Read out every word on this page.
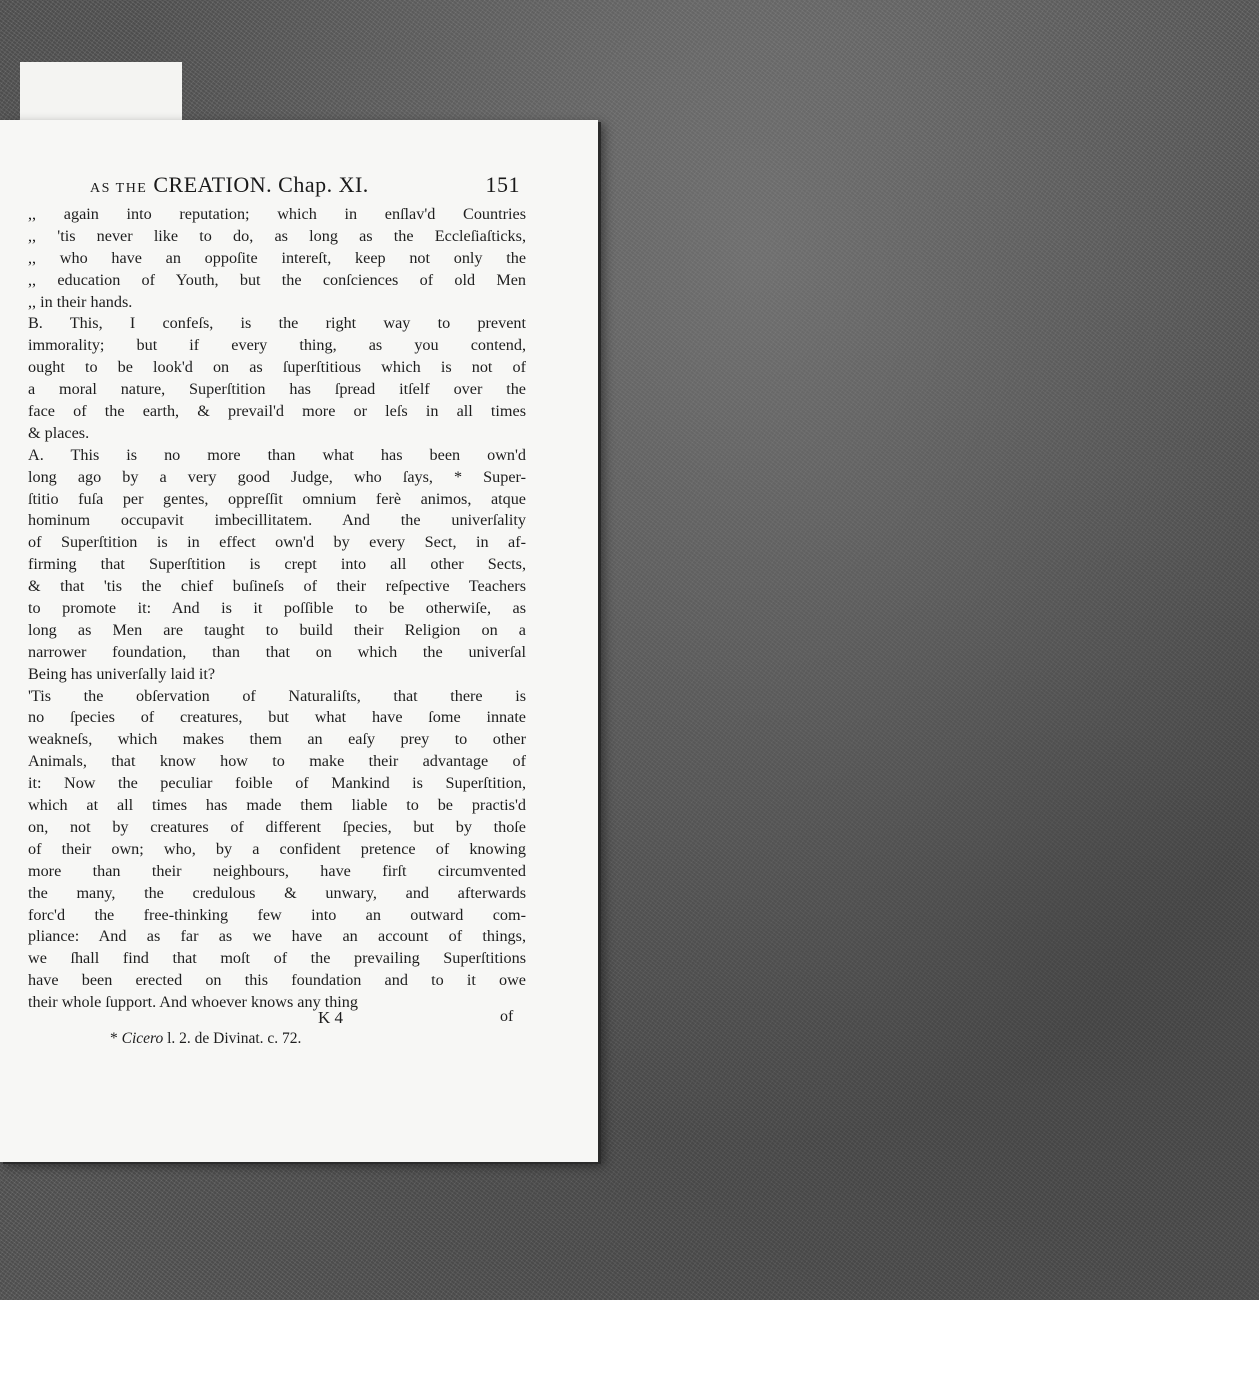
AS THE CREATION. Chap. XI.	151
,, again into reputation; which in enſlav'd Countries
,, 'tis never like to do, as long as the Eccleſiaſticks,
,, who have an oppoſite intereſt, keep not only the
,, education of Youth, but the conſciences of old Men
,, in their hands.
B. This, I confeſs, is the right way to prevent
immorality; but if every thing, as you contend,
ought to be look'd on as ſuperſtitious which is not of
a moral nature, Superſtition has ſpread itſelf over the
face of the earth, & prevail'd more or leſs in all times
& places.
A. This is no more than what has been own'd
long ago by a very good Judge, who ſays, * Super-
ſtitio fuſa per gentes, oppreſſit omnium ferè animos, atque
hominum occupavit imbecillitatem. And the univerſality
of Superſtition is in effect own'd by every Sect, in af-
firming that Superſtition is crept into all other Sects,
& that 'tis the chief buſineſs of their reſpective Teachers
to promote it: And is it poſſible to be otherwiſe, as
long as Men are taught to build their Religion on a
narrower foundation, than that on which the univerſal
Being has univerſally laid it?
'Tis the obſervation of Naturaliſts, that there is
no ſpecies of creatures, but what have ſome innate
weakneſs, which makes them an eaſy prey to other
Animals, that know how to make their advantage of
it: Now the peculiar foible of Mankind is Superſtition,
which at all times has made them liable to be practis'd
on, not by creatures of different ſpecies, but by thoſe
of their own; who, by a confident pretence of knowing
more than their neighbours, have firſt circumvented
the many, the credulous & unwary, and afterwards
forc'd the free-thinking few into an outward com-
pliance: And as far as we have an account of things,
we ſhall find that moſt of the prevailing Superſtitions
have been erected on this foundation and to it owe
their whole ſupport. And whoever knows any thing
K 4	of
* Cicero l. 2. de Divinat. c. 72.
